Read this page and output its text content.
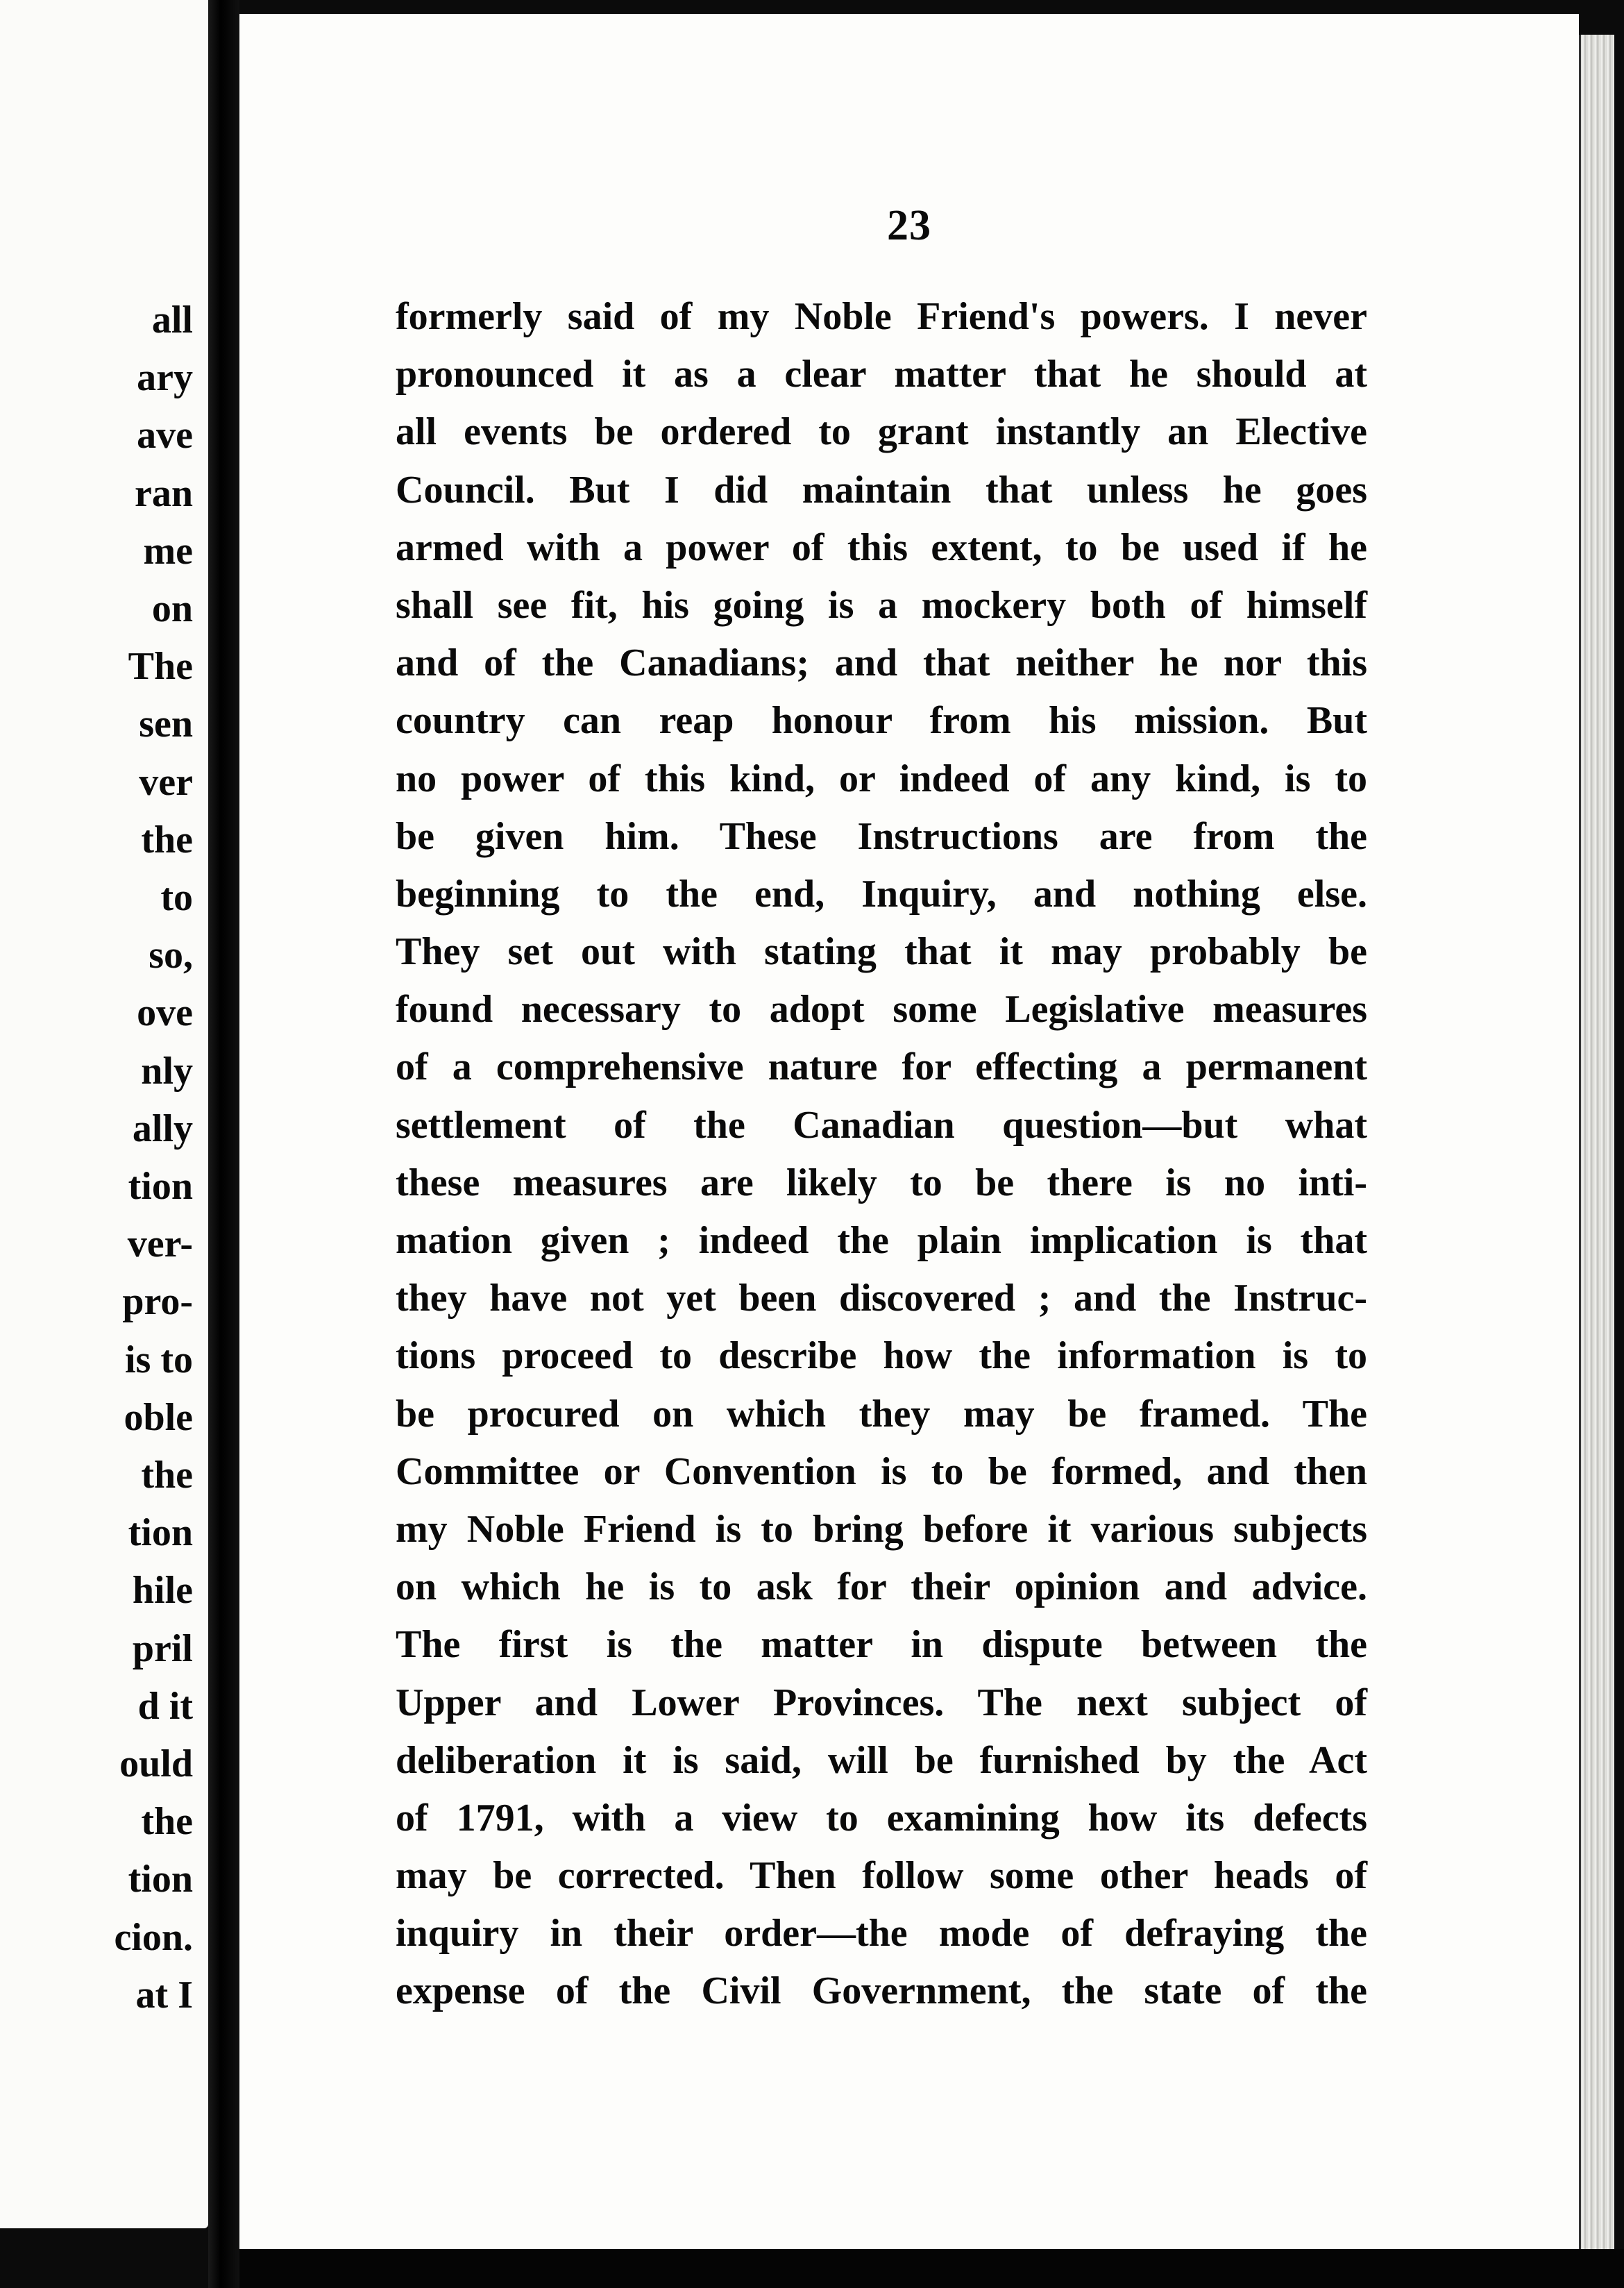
all
ary
ave
ran
me
on
The
sen
ver
the
to
so,
ove
nly
ally
tion
ver-
pro-
is to
oble
the
tion
hile
pril
d it
ould
the
tion
cion.
at I
23
formerly said of my Noble Friend's powers. I never
pronounced it as a clear matter that he should at
all events be ordered to grant instantly an Elective
Council. But I did maintain that unless he goes
armed with a power of this extent, to be used if he
shall see fit, his going is a mockery both of himself
and of the Canadians; and that neither he nor this
country can reap honour from his mission. But
no power of this kind, or indeed of any kind, is to
be given him. These Instructions are from the
beginning to the end, Inquiry, and nothing else.
They set out with stating that it may probably be
found necessary to adopt some Legislative measures
of a comprehensive nature for effecting a permanent
settlement of the Canadian question—but what
these measures are likely to be there is no inti-
mation given ; indeed the plain implication is that
they have not yet been discovered ; and the Instruc-
tions proceed to describe how the information is to
be procured on which they may be framed. The
Committee or Convention is to be formed, and then
my Noble Friend is to bring before it various subjects
on which he is to ask for their opinion and advice.
The first is the matter in dispute between the
Upper and Lower Provinces. The next subject of
deliberation it is said, will be furnished by the Act
of 1791, with a view to examining how its defects
may be corrected. Then follow some other heads of
inquiry in their order—the mode of defraying the
expense of the Civil Government, the state of the
